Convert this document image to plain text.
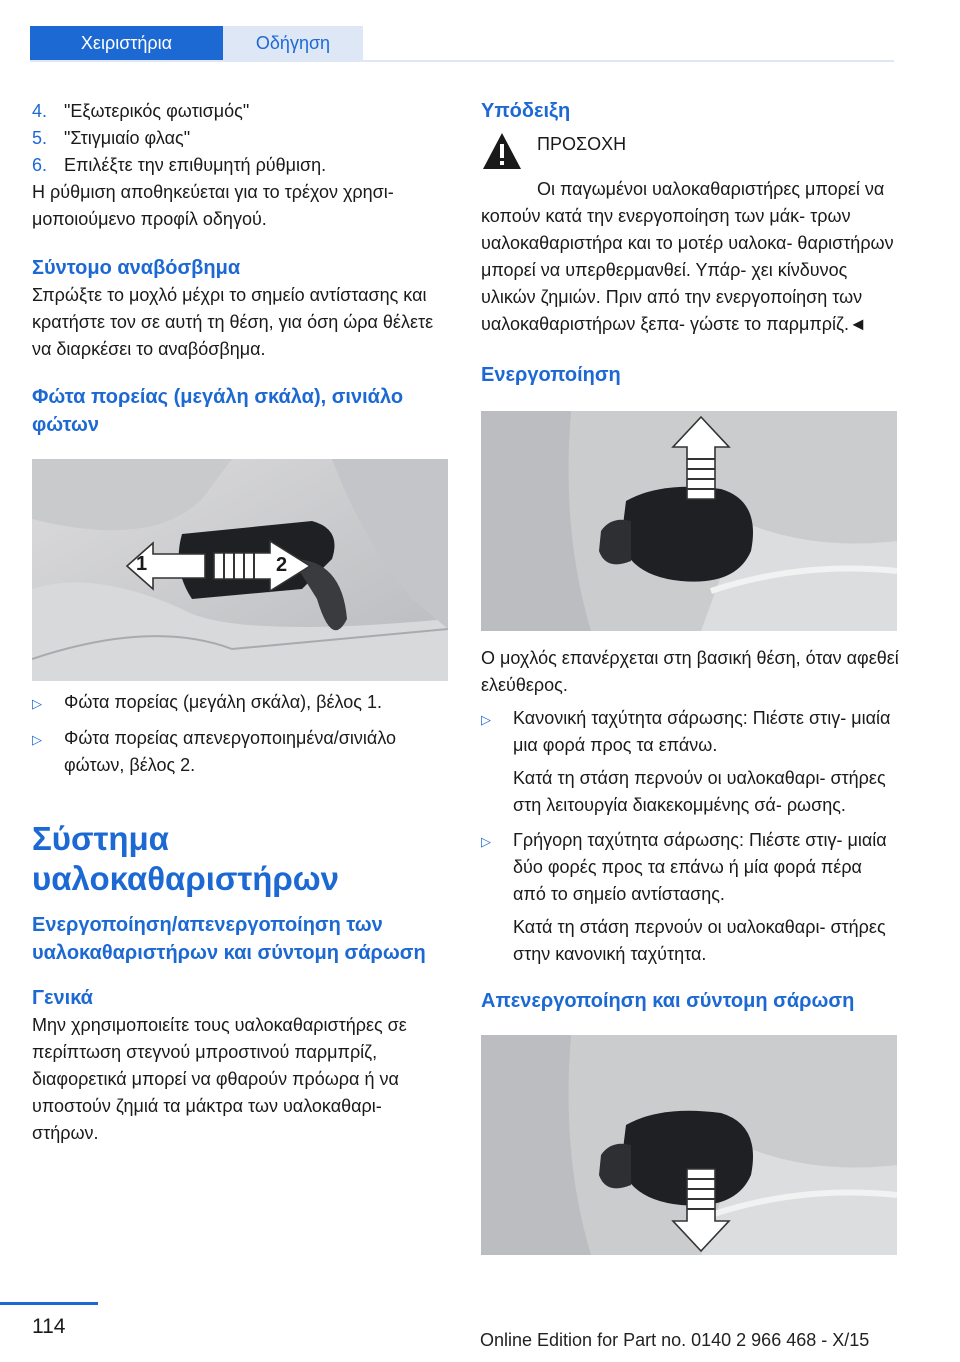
Χειριστήρια	Οδήγηση
4. "Εξωτερικός φωτισμός"
5. "Στιγμιαίο φλας"
6. Επιλέξτε την επιθυμητή ρύθμιση.

Η ρύθμιση αποθηκεύεται για το τρέχον χρησι‐ μοποιούμενο προφίλ οδηγού.

Σύντομο αναβόσβημα

Σπρώξτε το μοχλό μέχρι το σημείο αντίστασης και κρατήστε τον σε αυτή τη θέση, για όση ώρα θέλετε να διαρκέσει το αναβόσβημα.

Φώτα πορείας (μεγάλη σκάλα), σινιάλο φώτων
1	2
▷	Φώτα πορείας (μεγάλη σκάλα), βέλος 1.
▷	Φώτα πορείας απενεργοποιημένα/σινιάλο φώτων, βέλος 2.
Σύστημα υαλοκαθαριστήρων
Ενεργοποίηση/απενεργοποίηση των υαλοκαθαριστήρων και σύντομη σάρωση
Γενικά

Μην χρησιμοποιείτε τους υαλοκαθαριστήρες σε περίπτωση στεγνού μπροστινού παρμπρίζ, διαφορετικά μπορεί να φθαρούν πρόωρα ή να υποστούν ζημιά τα μάκτρα των υαλοκαθαρι‐ στήρων.

Υπόδειξη

ΠΡΟΣΟΧΗ

Οι παγωμένοι υαλοκαθαριστήρες μπορεί να κοπούν κατά την ενεργοποίηση των μάκ‐ τρων υαλοκαθαριστήρα και το μοτέρ υαλοκα‐ θαριστήρων μπορεί να υπερθερμανθεί. Υπάρ‐ χει κίνδυνος υλικών ζημιών. Πριν από την ενεργοποίηση των υαλοκαθαριστήρων ξεπα‐ γώστε το παρμπρίζ.◄

Ενεργοποίηση

Ο μοχλός επανέρχεται στη βασική θέση, όταν αφεθεί ελεύθερος.

▷	Κανονική ταχύτητα σάρωσης: Πιέστε στιγ‐ μιαία μια φορά προς τα επάνω.

Κατά τη στάση περνούν οι υαλοκαθαρι‐ στήρες στη λειτουργία διακεκομμένης σά‐ ρωσης.

▷	Γρήγορη ταχύτητα σάρωσης: Πιέστε στιγ‐ μιαία δύο φορές προς τα επάνω ή μία φορά πέρα από το σημείο αντίστασης.

Κατά τη στάση περνούν οι υαλοκαθαρι‐ στήρες στην κανονική ταχύτητα.

Απενεργοποίηση και σύντομη σάρωση
114
Online Edition for Part no. 0140 2 966 468 - X/15
